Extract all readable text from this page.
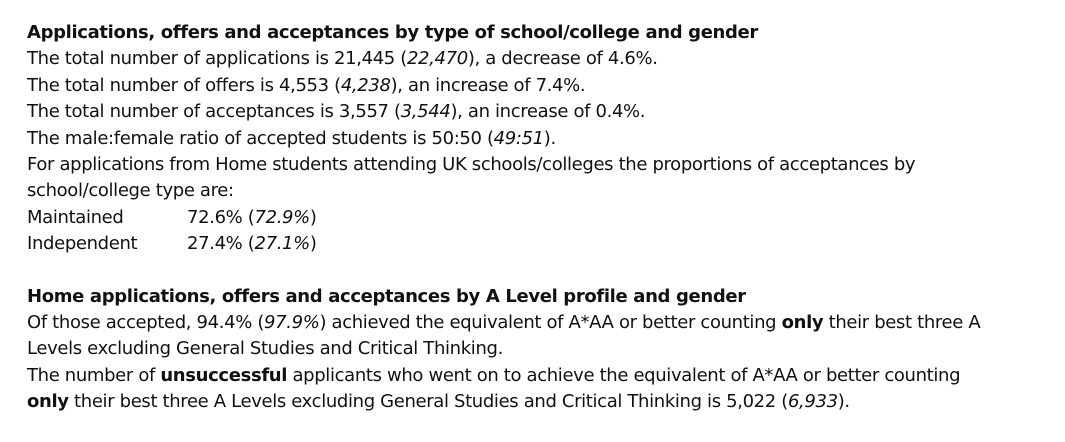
Applications, offers and acceptances by type of school/college and gender

The total number of applications is 21,445 (22,470), a decrease of 4.6%.

The total number of offers is 4,553 (4,238), an increase of 7.4%.

The total number of acceptances is 3,557 (3,544), an increase of 0.4%.

The male:female ratio of accepted students is 50:50 (49:51).

For applications from Home students attending UK schools/colleges the proportions of acceptances by

school/college type are:

Maintained	72.6% ( 72.9% )

Independent	27.4% ( 27.1% )

Home applications, offers and acceptances by A Level profile and gender

Of those accepted, 94.4% (97.9%) achieved the equivalent of A*AA or better counting only their best three A

Levels excluding General Studies and Critical Thinking.

The number of unsuccessful applicants who went on to achieve the equivalent of A*AA or better counting

only their best three A Levels excluding General Studies and Critical Thinking is 5,022 (6,933).
